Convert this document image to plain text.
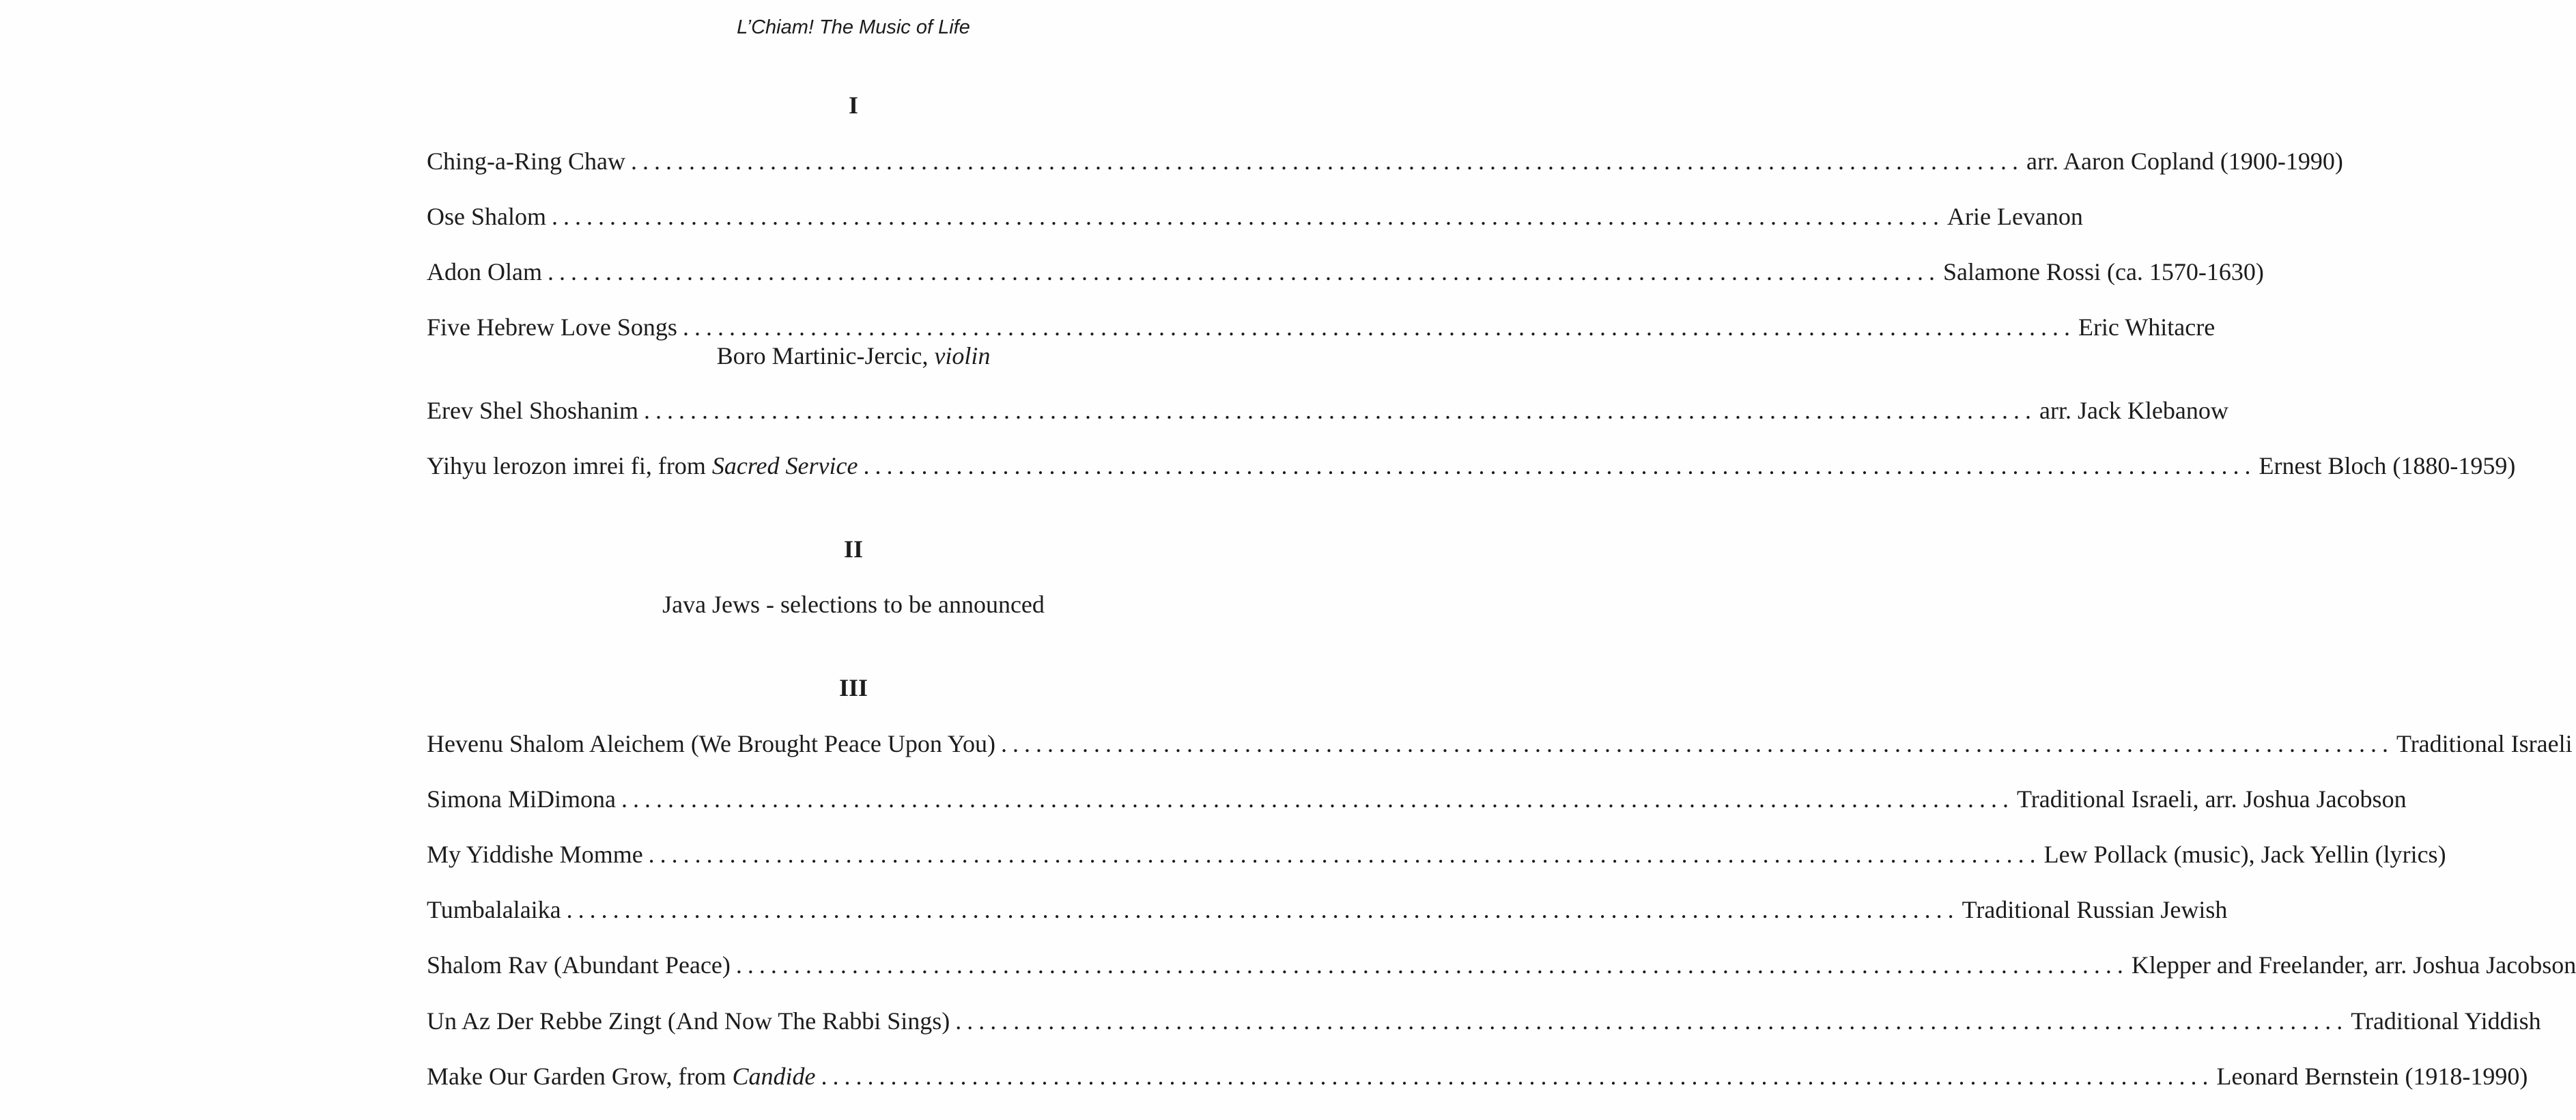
L’Chiam! The Music of Life
I
Ching-a-Ring Chaw ........................................................................................................................ arr. Aaron Copland (1900-1990)
Ose Shalom ........................................................................................................................ Arie Levanon
Adon Olam ........................................................................................................................ Salamone Rossi (ca. 1570-1630)
Five Hebrew Love Songs ........................................................................................................................ Eric Whitacre
Boro Martinic-Jercic, violin
Erev Shel Shoshanim ........................................................................................................................ arr. Jack Klebanow
Yihyu lerozon imrei fi, from Sacred Service ........................................................................................................................ Ernest Bloch (1880-1959)
II
Java Jews - selections to be announced
III
Hevenu Shalom Aleichem (We Brought Peace Upon You) ........................................................................................................................ Traditional Israeli
Simona MiDimona ........................................................................................................................ Traditional Israeli, arr. Joshua Jacobson
My Yiddishe Momme ........................................................................................................................ Lew Pollack (music), Jack Yellin (lyrics)
Tumbalalaika ........................................................................................................................ Traditional Russian Jewish
Shalom Rav (Abundant Peace) ........................................................................................................................ Klepper and Freelander, arr. Joshua Jacobson
Un Az Der Rebbe Zingt (And Now The Rabbi Sings) ........................................................................................................................ Traditional Yiddish
Make Our Garden Grow, from Candide ........................................................................................................................ Leonard Bernstein (1918-1990)
